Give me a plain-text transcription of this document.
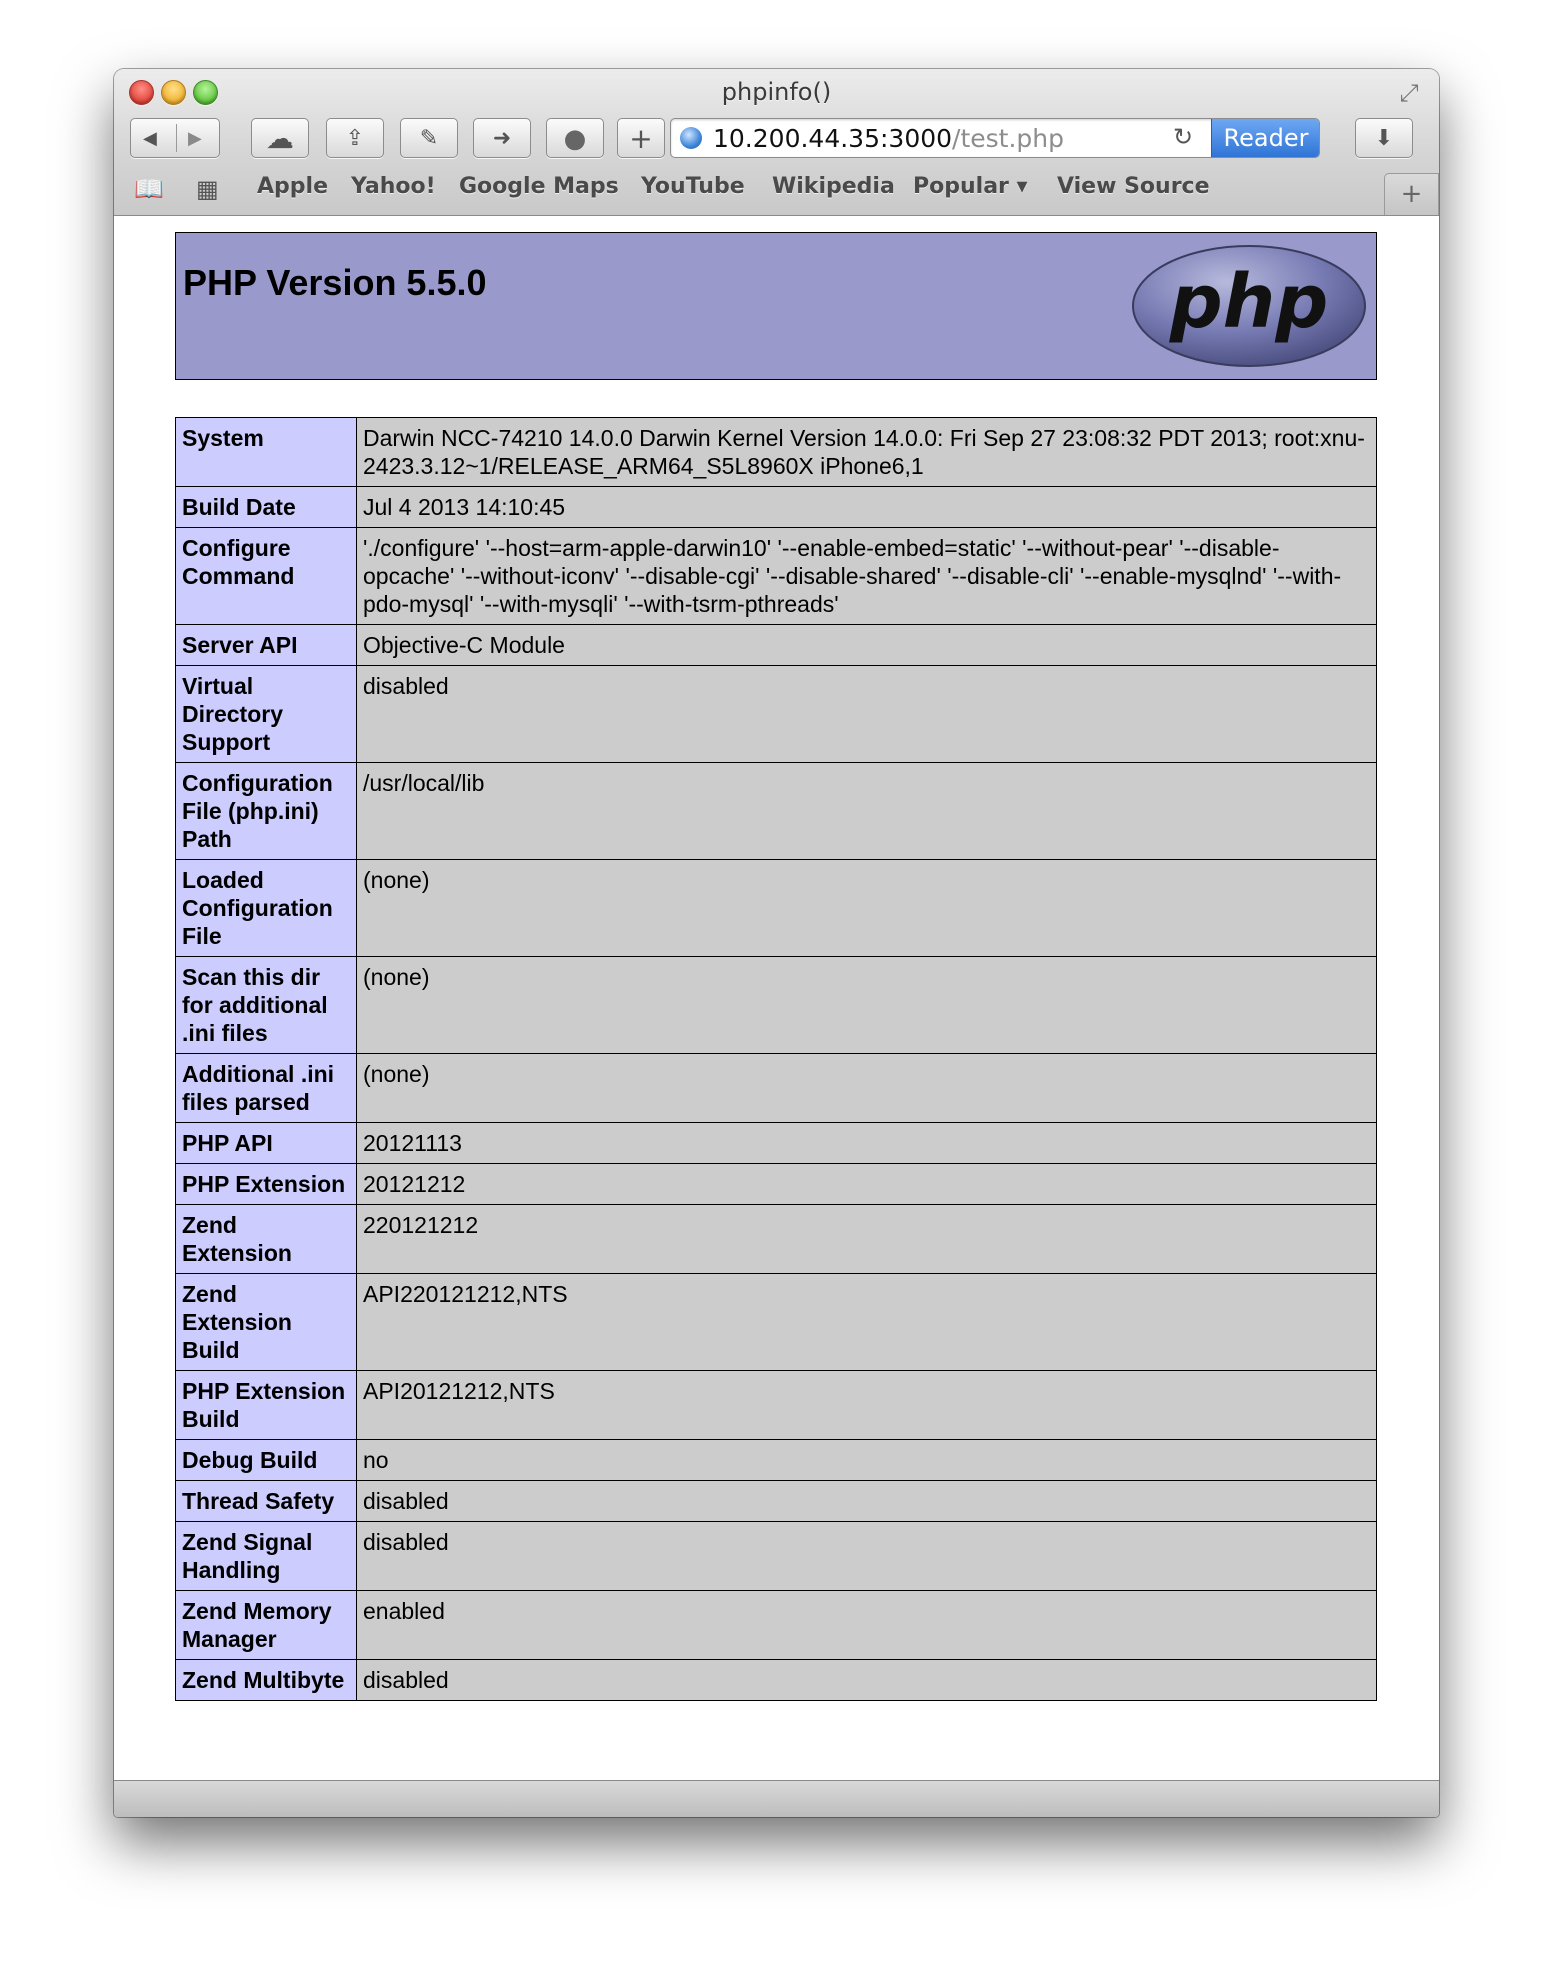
phpinfo()	⤢
◀ ▶	☁	⇪	✎	➜	●	+	10.200.44.35:3000/test.php	↻	Reader	⬇
📖 ▦ Apple Yahoo! Google Maps YouTube Wikipedia Popular ▾ View Source	+
PHP Version 5.5.0	php
System	Darwin NCC-74210 14.0.0 Darwin Kernel Version 14.0.0: Fri Sep 27 23:08:32 PDT 2013; root:xnu-2423.3.12~1/RELEASE_ARM64_S5L8960X iPhone6,1
Build Date	Jul 4 2013 14:10:45
Configure Command	'./configure' '--host=arm-apple-darwin10' '--enable-embed=static' '--without-pear' '--disable-opcache' '--without-iconv' '--disable-cgi' '--disable-shared' '--disable-cli' '--enable-mysqlnd' '--with-pdo-mysql' '--with-mysqli' '--with-tsrm-pthreads'
Server API	Objective-C Module
Virtual Directory Support	disabled
Configuration File (php.ini) Path	/usr/local/lib
Loaded Configuration File	(none)
Scan this dir for additional .ini files	(none)
Additional .ini files parsed	(none)
PHP API	20121113
PHP Extension	20121212
Zend Extension	220121212
Zend Extension Build	API220121212,NTS
PHP Extension Build	API20121212,NTS
Debug Build	no
Thread Safety	disabled
Zend Signal Handling	disabled
Zend Memory Manager	enabled
Zend Multibyte	disabled
